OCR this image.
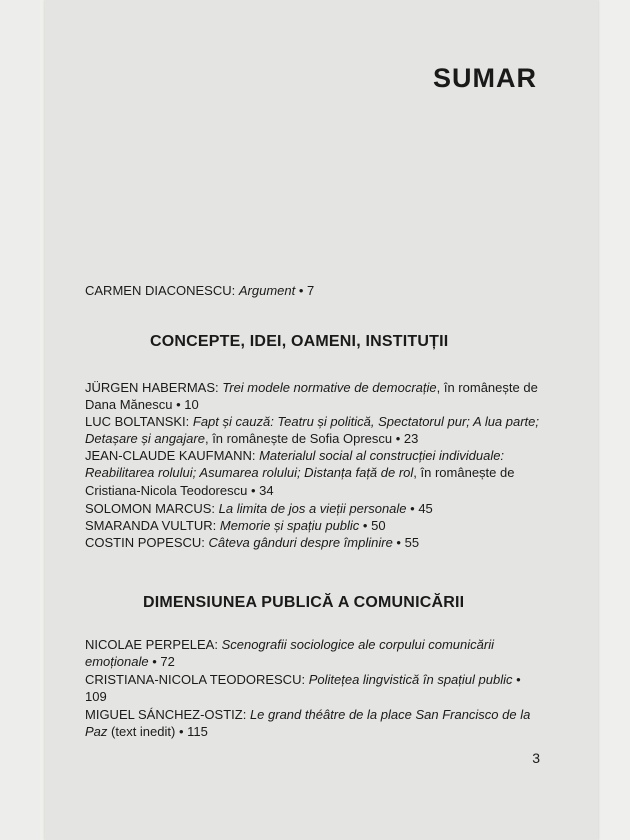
SUMAR

CARMEN DIACONESCU: Argument • 7

CONCEPTE, IDEI, OAMENI, INSTITUȚII

JÜRGEN HABERMAS: Trei modele normative de democrație, în românește de Dana Mănescu • 10

LUC BOLTANSKI: Fapt și cauză: Teatru și politică, Spectatorul pur; A lua parte; Detașare și angajare, în românește de Sofia Oprescu • 23

JEAN-CLAUDE KAUFMANN: Materialul social al construcției individuale: Reabilitarea rolului; Asumarea rolului; Distanța față de rol, în românește de Cristiana-Nicola Teodorescu • 34

SOLOMON MARCUS: La limita de jos a vieții personale • 45

SMARANDA VULTUR: Memorie și spațiu public • 50

COSTIN POPESCU: Câteva gânduri despre împlinire • 55

DIMENSIUNEA PUBLICĂ A COMUNICĂRII

NICOLAE PERPELEA: Scenografii sociologice ale corpului comunicării emoționale • 72

CRISTIANA-NICOLA TEODORESCU: Politețea lingvistică în spațiul public • 109

MIGUEL SÁNCHEZ-OSTIZ: Le grand théâtre de la place San Francisco de la Paz (text inedit) • 115

3
